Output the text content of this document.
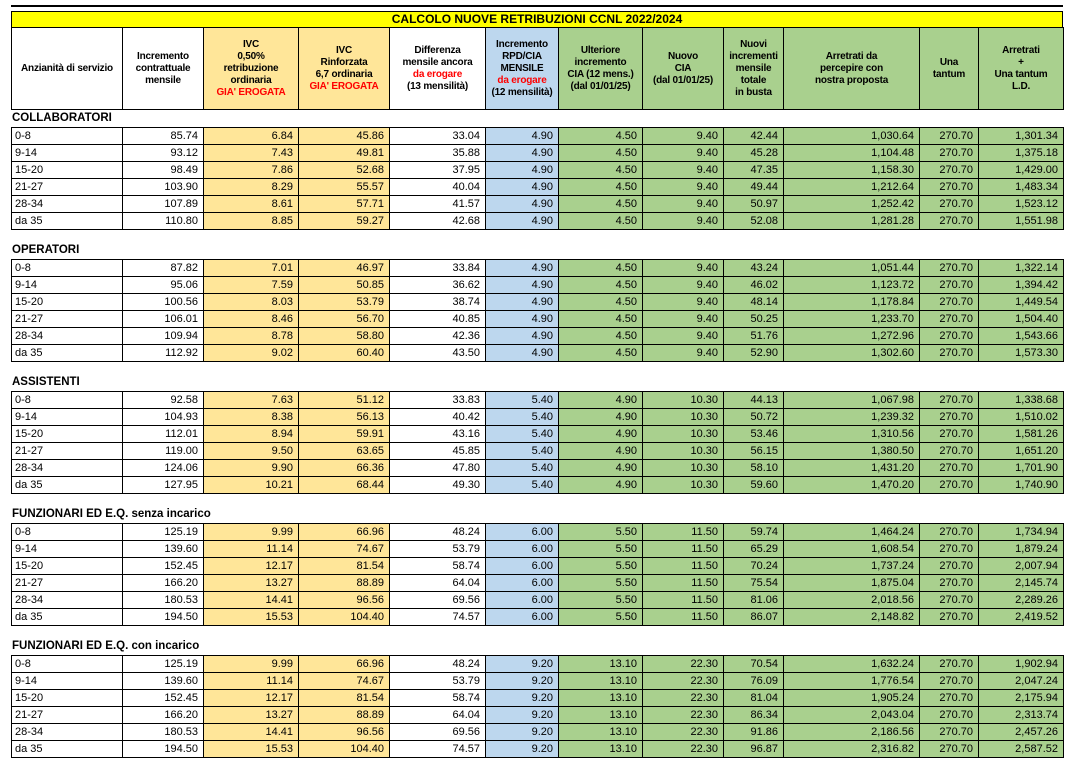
CALCOLO NUOVE RETRIBUZIONI CCNL 2022/2024
Anzianità di servizio

Incremento
contrattuale
mensile

IVC
0,50%
retribuzione
ordinaria
GIA' EROGATA

IVC
Rinforzata
6,7 ordinaria
GIA' EROGATA

Differenza
mensile ancora
da erogare
(13 mensilità)

Incremento
RPD/CIA
MENSILE
da erogare
(12 mensilità)

Ulteriore
incremento
CIA (12 mens.)
(dal 01/01/25)

Nuovo
CIA
(dal 01/01/25)

Nuovi
incrementi
mensile
totale
in busta

Arretrati da
percepire con
nostra proposta

Una
tantum

Arretrati
+
Una tantum
L.D.
COLLABORATORI
0-8	85.74	6.84	45.86	33.04	4.90	4.50	9.40	42.44	1,030.64	270.70	1,301.34
9-14	93.12	7.43	49.81	35.88	4.90	4.50	9.40	45.28	1,104.48	270.70	1,375.18
15-20	98.49	7.86	52.68	37.95	4.90	4.50	9.40	47.35	1,158.30	270.70	1,429.00
21-27	103.90	8.29	55.57	40.04	4.90	4.50	9.40	49.44	1,212.64	270.70	1,483.34
28-34	107.89	8.61	57.71	41.57	4.90	4.50	9.40	50.97	1,252.42	270.70	1,523.12
da 35	110.80	8.85	59.27	42.68	4.90	4.50	9.40	52.08	1,281.28	270.70	1,551.98
OPERATORI
0-8	87.82	7.01	46.97	33.84	4.90	4.50	9.40	43.24	1,051.44	270.70	1,322.14
9-14	95.06	7.59	50.85	36.62	4.90	4.50	9.40	46.02	1,123.72	270.70	1,394.42
15-20	100.56	8.03	53.79	38.74	4.90	4.50	9.40	48.14	1,178.84	270.70	1,449.54
21-27	106.01	8.46	56.70	40.85	4.90	4.50	9.40	50.25	1,233.70	270.70	1,504.40
28-34	109.94	8.78	58.80	42.36	4.90	4.50	9.40	51.76	1,272.96	270.70	1,543.66
da 35	112.92	9.02	60.40	43.50	4.90	4.50	9.40	52.90	1,302.60	270.70	1,573.30
ASSISTENTI
0-8	92.58	7.63	51.12	33.83	5.40	4.90	10.30	44.13	1,067.98	270.70	1,338.68
9-14	104.93	8.38	56.13	40.42	5.40	4.90	10.30	50.72	1,239.32	270.70	1,510.02
15-20	112.01	8.94	59.91	43.16	5.40	4.90	10.30	53.46	1,310.56	270.70	1,581.26
21-27	119.00	9.50	63.65	45.85	5.40	4.90	10.30	56.15	1,380.50	270.70	1,651.20
28-34	124.06	9.90	66.36	47.80	5.40	4.90	10.30	58.10	1,431.20	270.70	1,701.90
da 35	127.95	10.21	68.44	49.30	5.40	4.90	10.30	59.60	1,470.20	270.70	1,740.90
FUNZIONARI ED E.Q. senza incarico
0-8	125.19	9.99	66.96	48.24	6.00	5.50	11.50	59.74	1,464.24	270.70	1,734.94
9-14	139.60	11.14	74.67	53.79	6.00	5.50	11.50	65.29	1,608.54	270.70	1,879.24
15-20	152.45	12.17	81.54	58.74	6.00	5.50	11.50	70.24	1,737.24	270.70	2,007.94
21-27	166.20	13.27	88.89	64.04	6.00	5.50	11.50	75.54	1,875.04	270.70	2,145.74
28-34	180.53	14.41	96.56	69.56	6.00	5.50	11.50	81.06	2,018.56	270.70	2,289.26
da 35	194.50	15.53	104.40	74.57	6.00	5.50	11.50	86.07	2,148.82	270.70	2,419.52
FUNZIONARI ED E.Q. con incarico
0-8	125.19	9.99	66.96	48.24	9.20	13.10	22.30	70.54	1,632.24	270.70	1,902.94
9-14	139.60	11.14	74.67	53.79	9.20	13.10	22.30	76.09	1,776.54	270.70	2,047.24
15-20	152.45	12.17	81.54	58.74	9.20	13.10	22.30	81.04	1,905.24	270.70	2,175.94
21-27	166.20	13.27	88.89	64.04	9.20	13.10	22.30	86.34	2,043.04	270.70	2,313.74
28-34	180.53	14.41	96.56	69.56	9.20	13.10	22.30	91.86	2,186.56	270.70	2,457.26
da 35	194.50	15.53	104.40	74.57	9.20	13.10	22.30	96.87	2,316.82	270.70	2,587.52
